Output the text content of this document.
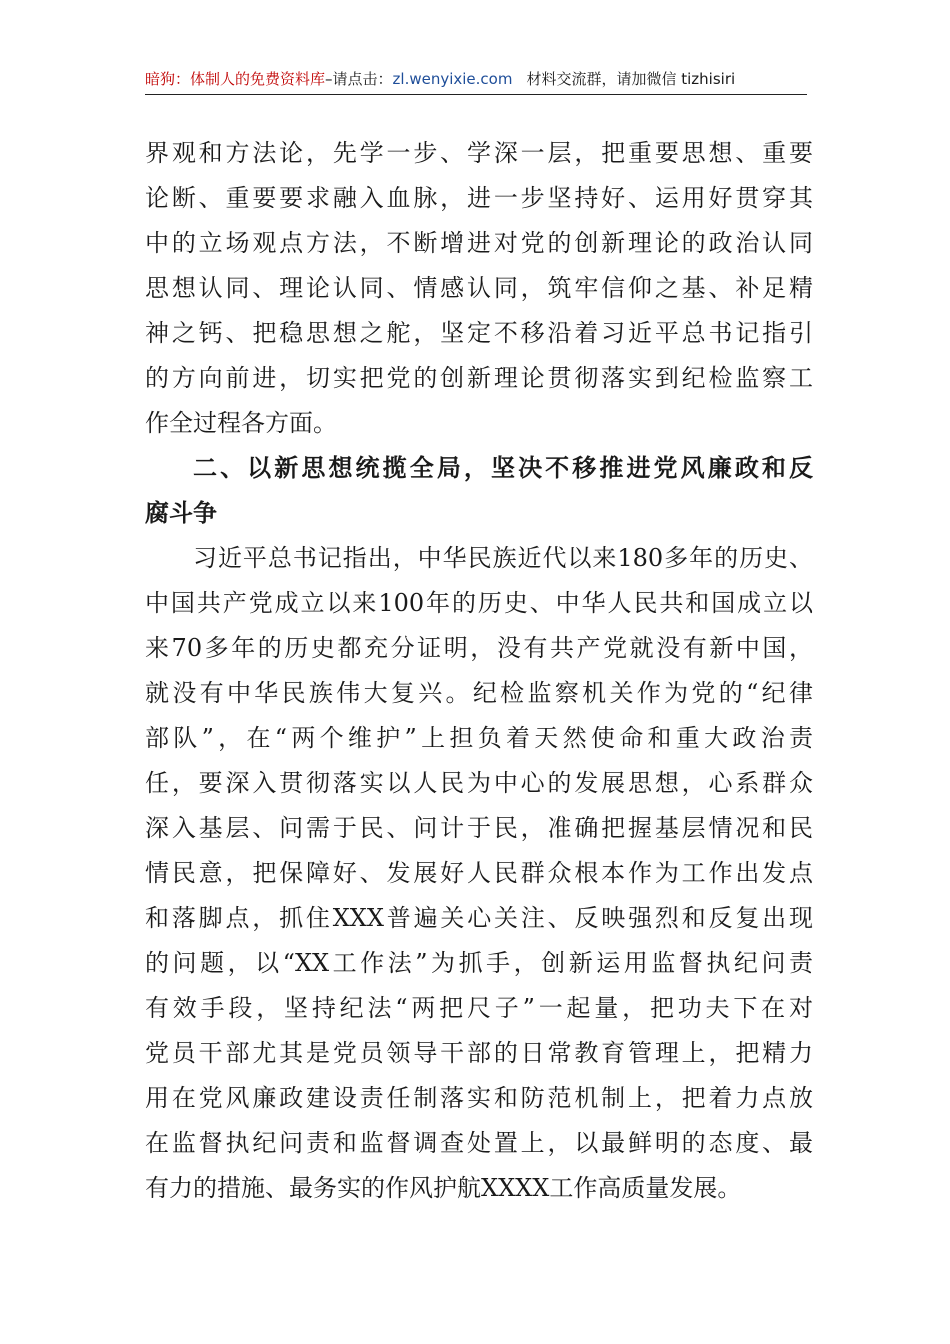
暗狗：体制人的免费资料库–请点击：zl.wenyixie.com 材料交流群，请加微信 tizhisiri
界观和方法论，先学一步、学深一层，把重要思想、重要
论断、重要要求融入血脉，进一步坚持好、运用好贯穿其
中的立场观点方法，不断增进对党的创新理论的政治认同
思想认同、理论认同、情感认同，筑牢信仰之基、补足精
神之钙、把稳思想之舵，坚定不移沿着习近平总书记指引
的方向前进，切实把党的创新理论贯彻落实到纪检监察工
作全过程各方面。
二、以新思想统揽全局，坚决不移推进党风廉政和反
腐斗争
习近平总书记指出，中华民族近代以来180多年的历史、
中国共产党成立以来100年的历史、中华人民共和国成立以
来70多年的历史都充分证明，没有共产党就没有新中国，
就没有中华民族伟大复兴。纪检监察机关作为党的“纪律
部队”，在“两个维护”上担负着天然使命和重大政治责
任，要深入贯彻落实以人民为中心的发展思想，心系群众
深入基层、问需于民、问计于民，准确把握基层情况和民
情民意，把保障好、发展好人民群众根本作为工作出发点
和落脚点，抓住XXX普遍关心关注、反映强烈和反复出现
的问题，以“XX工作法”为抓手，创新运用监督执纪问责
有效手段，坚持纪法“两把尺子”一起量，把功夫下在对
党员干部尤其是党员领导干部的日常教育管理上，把精力
用在党风廉政建设责任制落实和防范机制上，把着力点放
在监督执纪问责和监督调查处置上，以最鲜明的态度、最
有力的措施、最务实的作风护航XXXX工作高质量发展。
